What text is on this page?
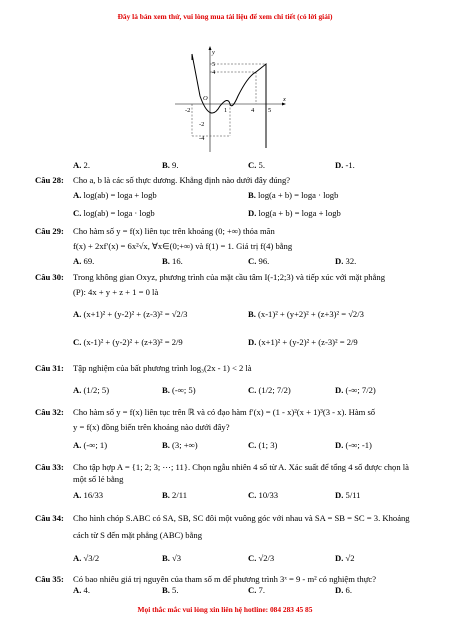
Đây là bản xem thử, vui lòng mua tài liệu để xem chi tiết (có lời giải)
y
x
5
4
O
-2
-4
-2	1	4 5
A. 2.	B. 9.	C. 5.	D. -1.
Câu 28: Cho a, b là các số thực dương. Khẳng định nào dưới đây đúng?
A. log(ab) = loga + logb	B. log(a + b) = loga · logb
C. log(ab) = loga · logb	D. log(a + b) = loga + logb
Câu 29: Cho hàm số y = f(x) liên tục trên khoảng (0; +∞) thỏa mãn
f(x) + 2xf′(x) = 6x²√x, ∀x∈(0;+∞) và f(1) = 1. Giá trị f(4) bằng
A. 69.	B. 16.	C. 96.	D. 32.
Câu 30: Trong không gian Oxyz, phương trình của mặt cầu tâm I(-1;2;3) và tiếp xúc với mặt phẳng
(P): 4x + y + z + 1 = 0 là
A. (x+1)² + (y-2)² + (z-3)² = √2/3	B. (x-1)² + (y+2)² + (z+3)² = √2/3
C. (x-1)² + (y-2)² + (z+3)² = 2/9	D. (x+1)² + (y-2)² + (z-3)² = 2/9
Câu 31: Tập nghiệm của bất phương trình log₃(2x - 1) < 2 là
A. (1/2; 5)	B. (-∞; 5)	C. (1/2; 7/2)	D. (-∞; 7/2)
Câu 32: Cho hàm số y = f(x) liên tục trên ℝ và có đạo hàm f′(x) = (1 - x)²(x + 1)³(3 - x). Hàm số
y = f(x) đồng biến trên khoảng nào dưới đây?
A. (-∞; 1)	B. (3; +∞)	C. (1; 3)	D. (-∞; -1)
Câu 33: Cho tập hợp A = {1; 2; 3; ⋯; 11}. Chọn ngẫu nhiên 4 số từ A. Xác suất để tổng 4 số được chọn là
một số lẻ bằng
A. 16/33	B. 2/11	C. 10/33	D. 5/11
Câu 34: Cho hình chóp S.ABC có SA, SB, SC đôi một vuông góc với nhau và SA = SB = SC = 3. Khoảng
cách từ S đến mặt phẳng (ABC) bằng
A. √3/2	B. √3	C. √2/3	D. √2
Câu 35: Có bao nhiêu giá trị nguyên của tham số m để phương trình 3ˣ = 9 - m² có nghiệm thực?
A. 4.	B. 5.	C. 7.	D. 6.
Mọi thắc mắc vui lòng xin liên hệ hotline: 084 283 45 85
